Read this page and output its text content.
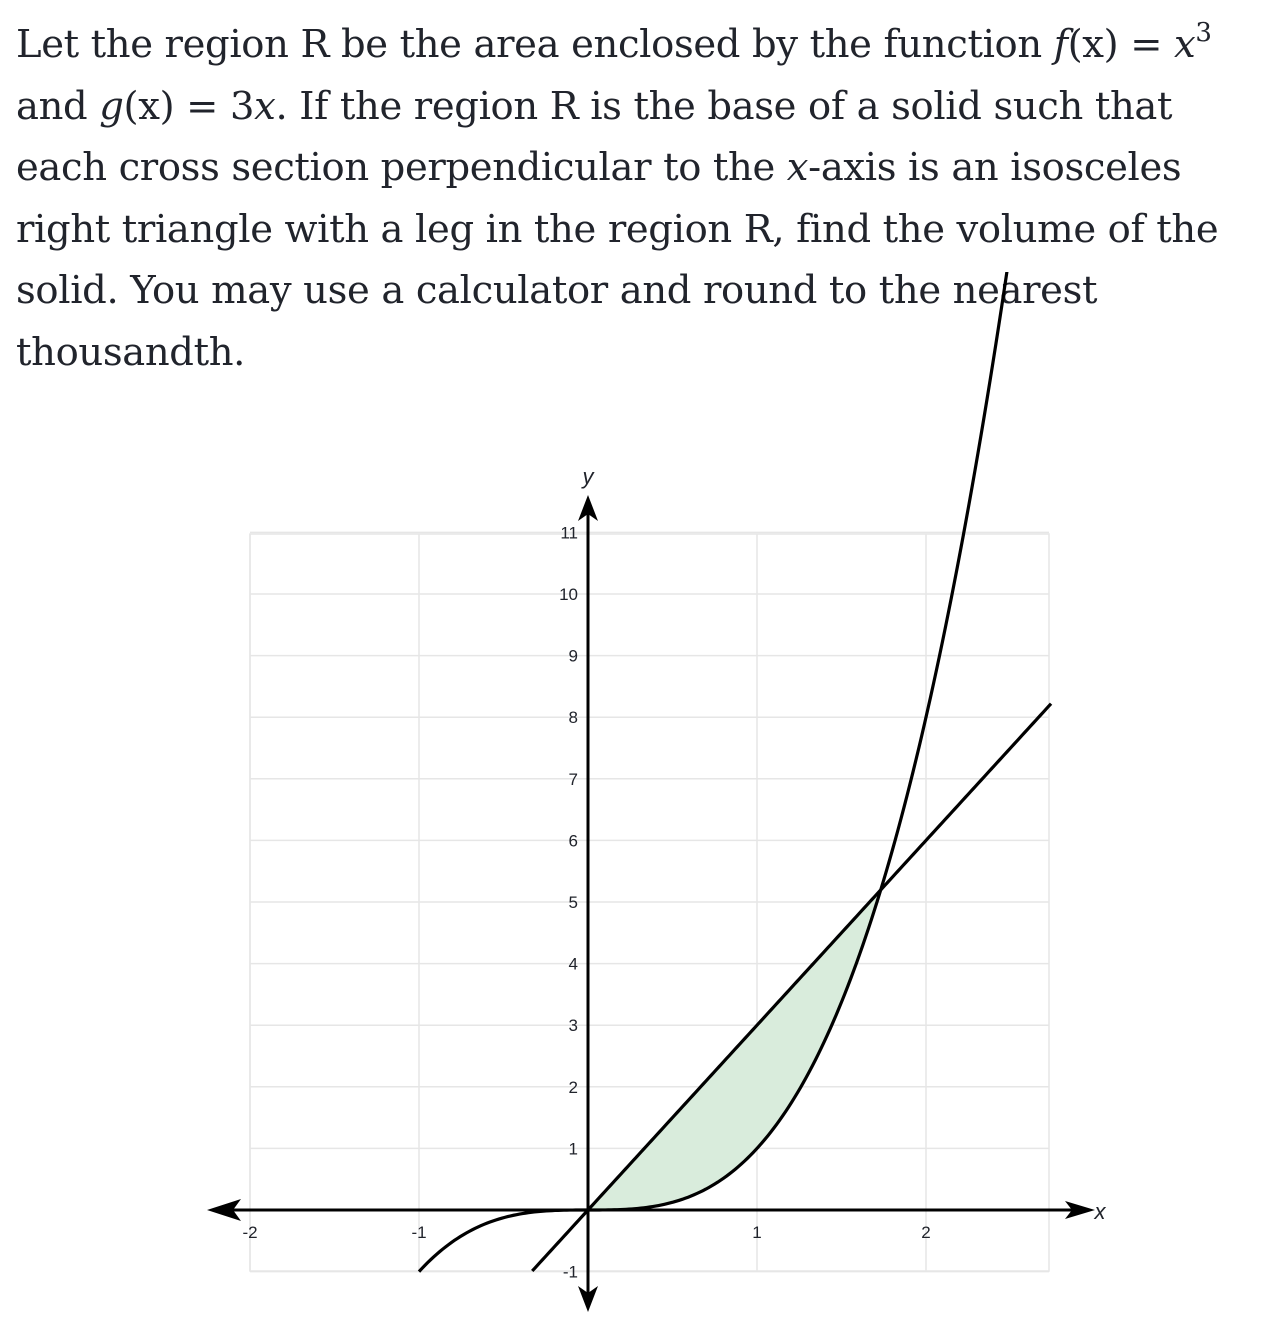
Let the region R be the area enclosed by the function $f(x) = x^3$ and g(x) = 3x. If the region R is the base of a solid such that each cross section perpendicular to the x-axis is an isosceles right triangle with a leg in the region R, find the volume of the solid. You may use a calculator and round to the nearest thousandth.

-2	-1	1	2
-1
1
2
3
4
5
6
7
8
9
10
11
x
y
